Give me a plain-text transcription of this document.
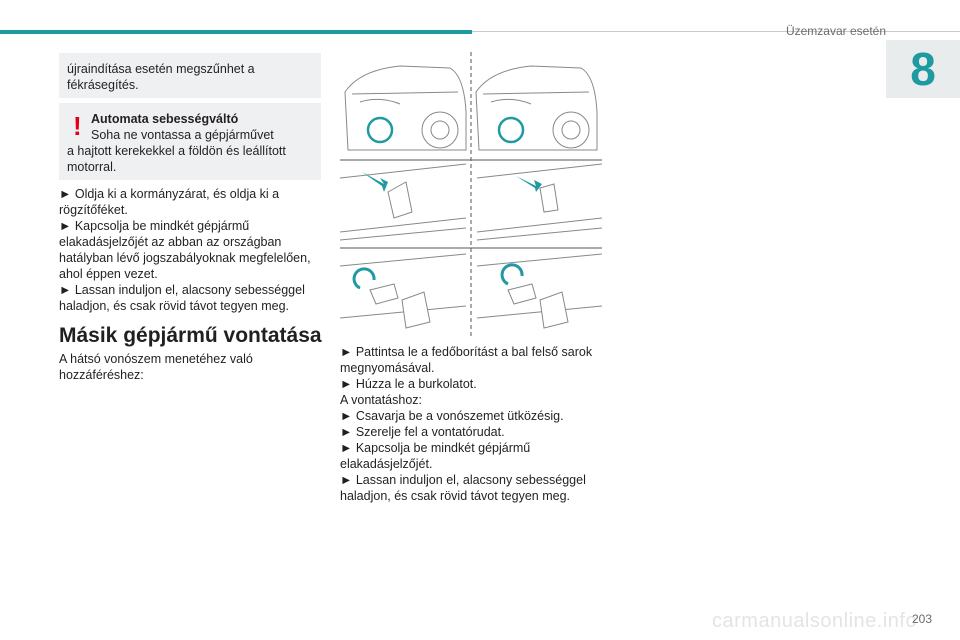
Üzemzavar esetén
8
újraindítása esetén megszűnhet a fékrásegítés.
! Automata sebességváltó
Soha ne vontassa a gépjárművet
a hajtott kerekekkel a földön és leállított motorral.

► Oldja ki a kormányzárat, és oldja ki a rögzítőféket.

► Kapcsolja be mindkét gépjármű elakadásjelzőjét az abban az országban hatályban lévő jogszabályoknak megfelelően, ahol éppen vezet.

► Lassan induljon el, alacsony sebességgel haladjon, és csak rövid távot tegyen meg.

Másik gépjármű vontatása
A hátsó vonószem menetéhez való hozzáféréshez:

► Pattintsa le a fedőborítást a bal felső sarok megnyomásával.

► Húzza le a burkolatot.

A vontatáshoz:

► Csavarja be a vonószemet ütközésig.

► Szerelje fel a vontatórudat.

► Kapcsolja be mindkét gépjármű elakadásjelzőjét.

► Lassan induljon el, alacsony sebességgel haladjon, és csak rövid távot tegyen meg.

carmanualsonline.info
203
